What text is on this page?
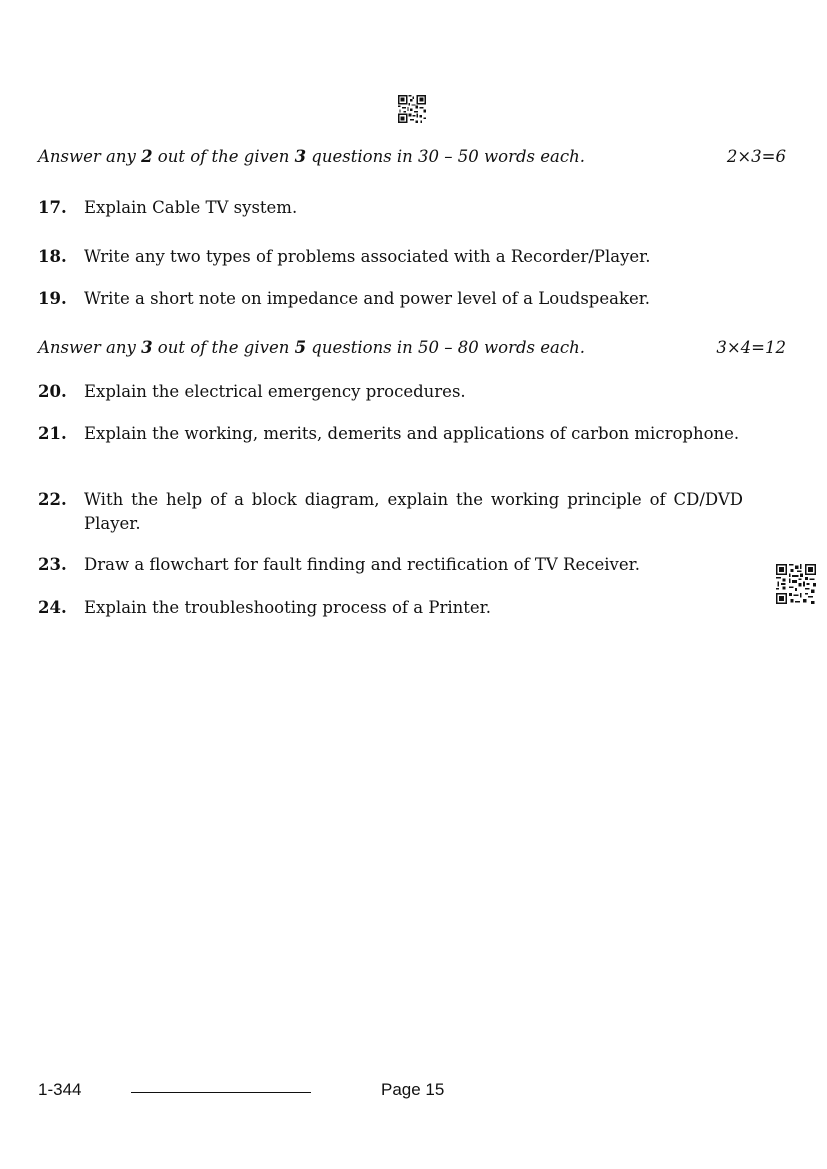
Answer any 2 out of the given 3 questions in 30 – 50 words each.	2×3=6
17. Explain Cable TV system.
18. Write any two types of problems associated with a Recorder/Player.
19. Write a short note on impedance and power level of a Loudspeaker.
Answer any 3 out of the given 5 questions in 50 – 80 words each.	3×4=12
20. Explain the electrical emergency procedures.
21. Explain the working, merits, demerits and applications of carbon microphone.
22. With the help of a block diagram, explain the working principle of CD/DVD Player.
23. Draw a flowchart for fault finding and rectification of TV Receiver.
24. Explain the troubleshooting process of a Printer.
1-344	Page 15
